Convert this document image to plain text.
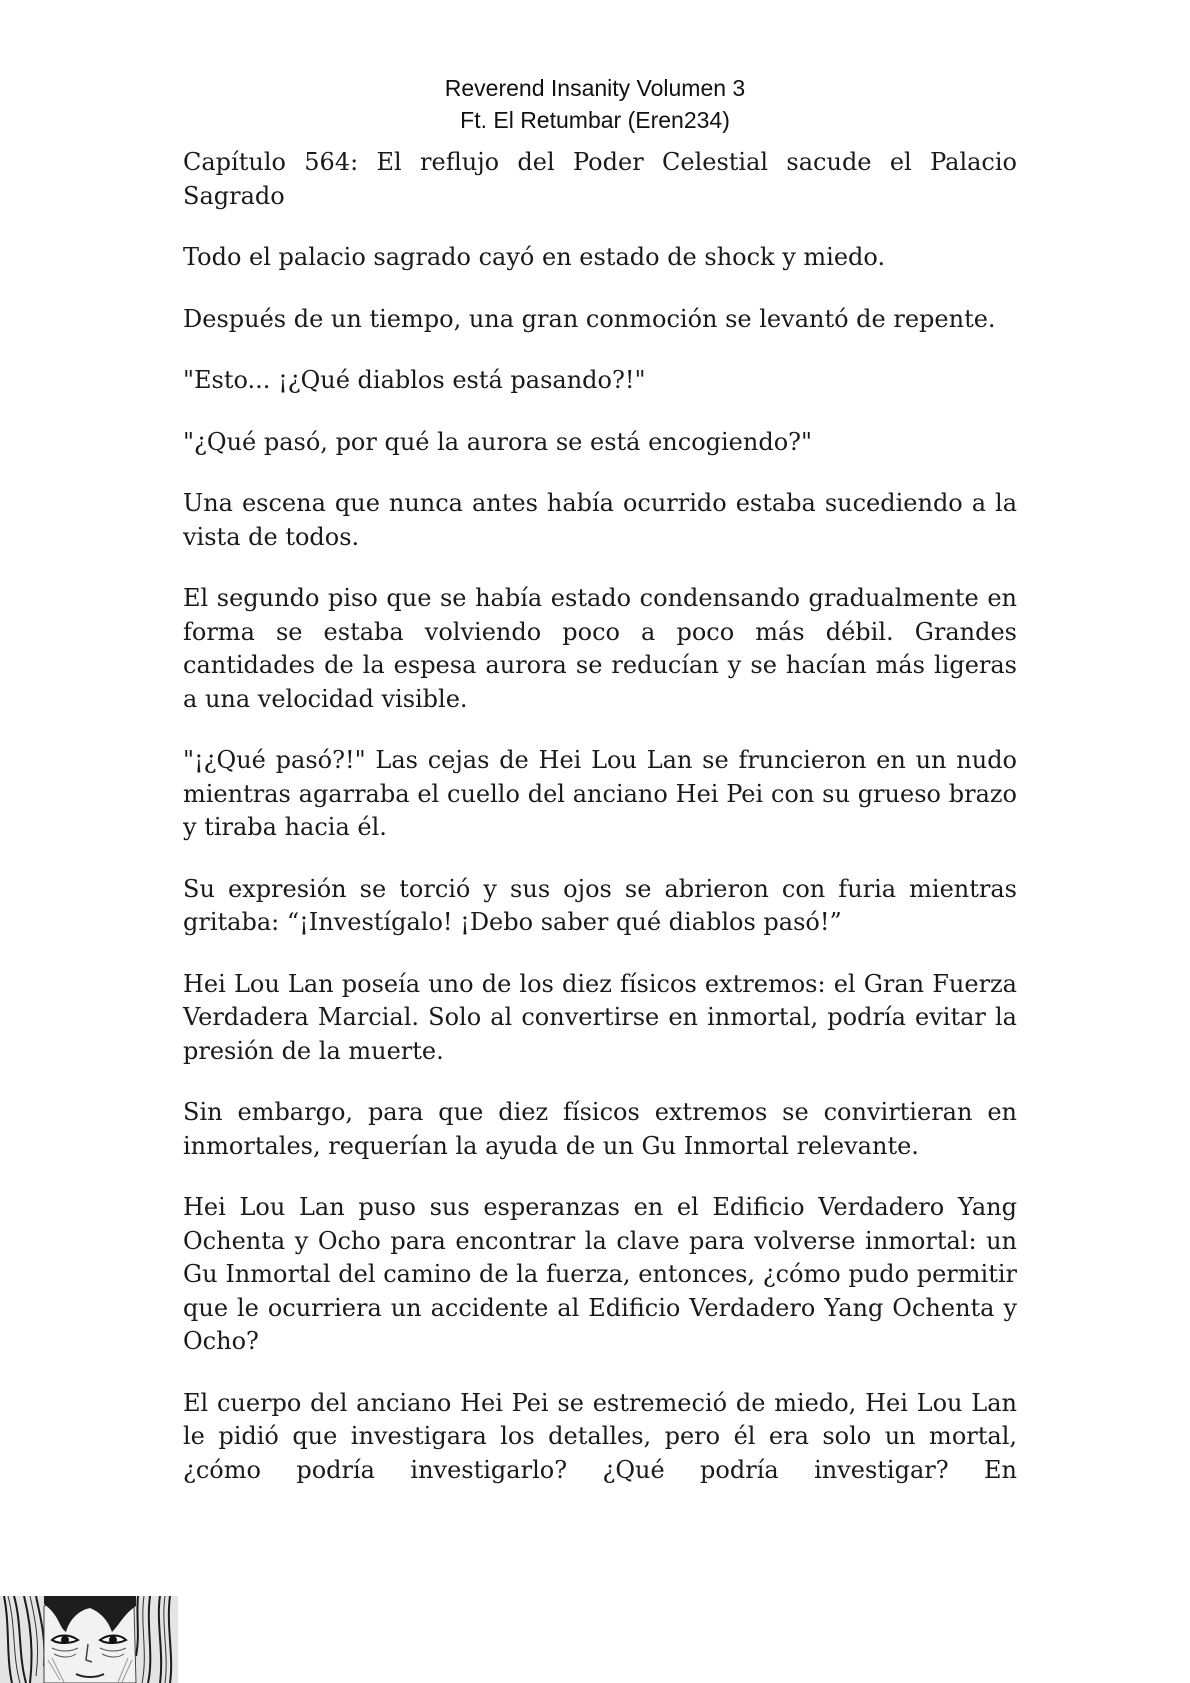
Reverend Insanity Volumen 3
Ft. El Retumbar (Eren234)

Capítulo 564: El reflujo del Poder Celestial sacude el Palacio Sagrado

Todo el palacio sagrado cayó en estado de shock y miedo.

Después de un tiempo, una gran conmoción se levantó de repente.

"Esto... ¡¿Qué diablos está pasando?!"

"¿Qué pasó, por qué la aurora se está encogiendo?"

Una escena que nunca antes había ocurrido estaba sucediendo a la vista de todos.

El segundo piso que se había estado condensando gradualmente en forma se estaba volviendo poco a poco más débil. Grandes cantidades de la espesa aurora se reducían y se hacían más ligeras a una velocidad visible.

"¡¿Qué pasó?!" Las cejas de Hei Lou Lan se fruncieron en un nudo mientras agarraba el cuello del anciano Hei Pei con su grueso brazo y tiraba hacia él.

Su expresión se torció y sus ojos se abrieron con furia mientras gritaba: “¡Investígalo! ¡Debo saber qué diablos pasó!”

Hei Lou Lan poseía uno de los diez físicos extremos: el Gran Fuerza Verdadera Marcial. Solo al convertirse en inmortal, podría evitar la presión de la muerte.

Sin embargo, para que diez físicos extremos se convirtieran en inmortales, requerían la ayuda de un Gu Inmortal relevante.

Hei Lou Lan puso sus esperanzas en el Edificio Verdadero Yang Ochenta y Ocho para encontrar la clave para volverse inmortal: un Gu Inmortal del camino de la fuerza, entonces, ¿cómo pudo permitir que le ocurriera un accidente al Edificio Verdadero Yang Ochenta y Ocho?

El cuerpo del anciano Hei Pei se estremeció de miedo, Hei Lou Lan le pidió que investigara los detalles, pero él era solo un mortal, ¿cómo podría investigarlo? ¿Qué podría investigar? En
